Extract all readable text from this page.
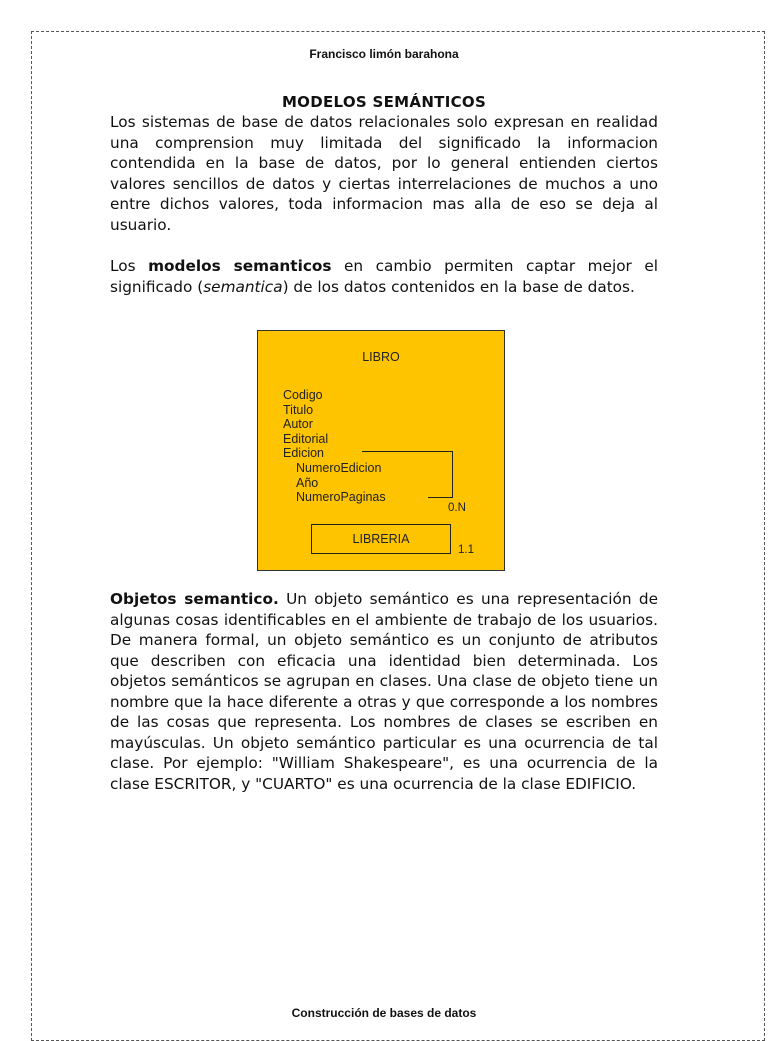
Francisco limón barahona
MODELOS SEMÁNTICOS
Los sistemas de base de datos relacionales solo expresan en realidad una comprension muy limitada del significado la informacion contendida en la base de datos, por lo general entienden ciertos valores sencillos de datos y ciertas interrelaciones de muchos a uno entre dichos valores, toda informacion mas alla de eso se deja al usuario.
Los modelos semanticos en cambio permiten captar mejor el significado (semantica) de los datos contenidos en la base de datos.
LIBRO
Codigo
Titulo
Autor
Editorial
Edicion
NumeroEdicion
Año
NumeroPaginas
0.N
LIBRERIA
1.1
Objetos semantico. Un objeto semántico es una representación de algunas cosas identificables en el ambiente de trabajo de los usuarios. De manera formal, un objeto semántico es un conjunto de atributos que describen con eficacia una identidad bien determinada. Los objetos semánticos se agrupan en clases. Una clase de objeto tiene un nombre que la hace diferente a otras y que corresponde a los nombres de las cosas que representa. Los nombres de clases se escriben en mayúsculas. Un objeto semántico particular es una ocurrencia de tal clase. Por ejemplo: "William Shakespeare", es una ocurrencia de la clase ESCRITOR, y "CUARTO" es una ocurrencia de la clase EDIFICIO.
Construcción de bases de datos
